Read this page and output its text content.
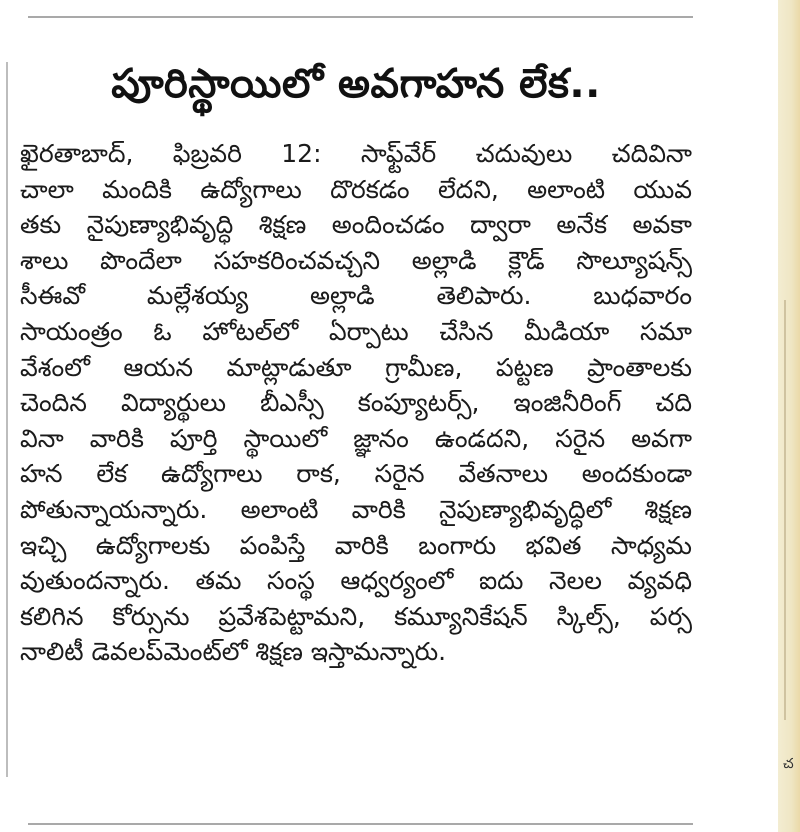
పూరిస్థాయిలో అవగాహన లేక..
ఖైరతాబాద్, ఫిబ్రవరి 12: సాఫ్ట్‌వేర్ చదువులు చదివినా
చాలా మందికి ఉద్యోగాలు దొరకడం లేదని, అలాంటి యువ
తకు నైపుణ్యాభివృద్ధి శిక్షణ అందించడం ద్వారా అనేక అవకా
శాలు పొందేలా సహకరించవచ్చని అల్లాడి క్లౌడ్ సొల్యూషన్స్
సీఈవో మల్లేశయ్య అల్లాడి తెలిపారు. బుధవారం
సాయంత్రం ఓ హోటల్‌లో ఏర్పాటు చేసిన మీడియా సమా
వేశంలో ఆయన మాట్లాడుతూ గ్రామీణ, పట్టణ ప్రాంతాలకు
చెందిన విద్యార్థులు బీఎస్సీ కంప్యూటర్స్, ఇంజినీరింగ్ చది
వినా వారికి పూర్తి స్థాయిలో జ్ఞానం ఉండదని, సరైన అవగా
హన లేక ఉద్యోగాలు రాక, సరైన వేతనాలు అందకుండా
పోతున్నాయన్నారు. అలాంటి వారికి నైపుణ్యాభివృద్ధిలో శిక్షణ
ఇచ్చి ఉద్యోగాలకు పంపిస్తే వారికి బంగారు భవిత సాధ్యమ
వుతుందన్నారు. తమ సంస్థ ఆధ్వర్యంలో ఐదు నెలల వ్యవధి
కలిగిన కోర్సును ప్రవేశపెట్టామని, కమ్యూనికేషన్ స్కిల్స్, పర్స
నాలిటీ డెవలప్‌మెంట్‌లో శిక్షణ ఇస్తామన్నారు.
చ
